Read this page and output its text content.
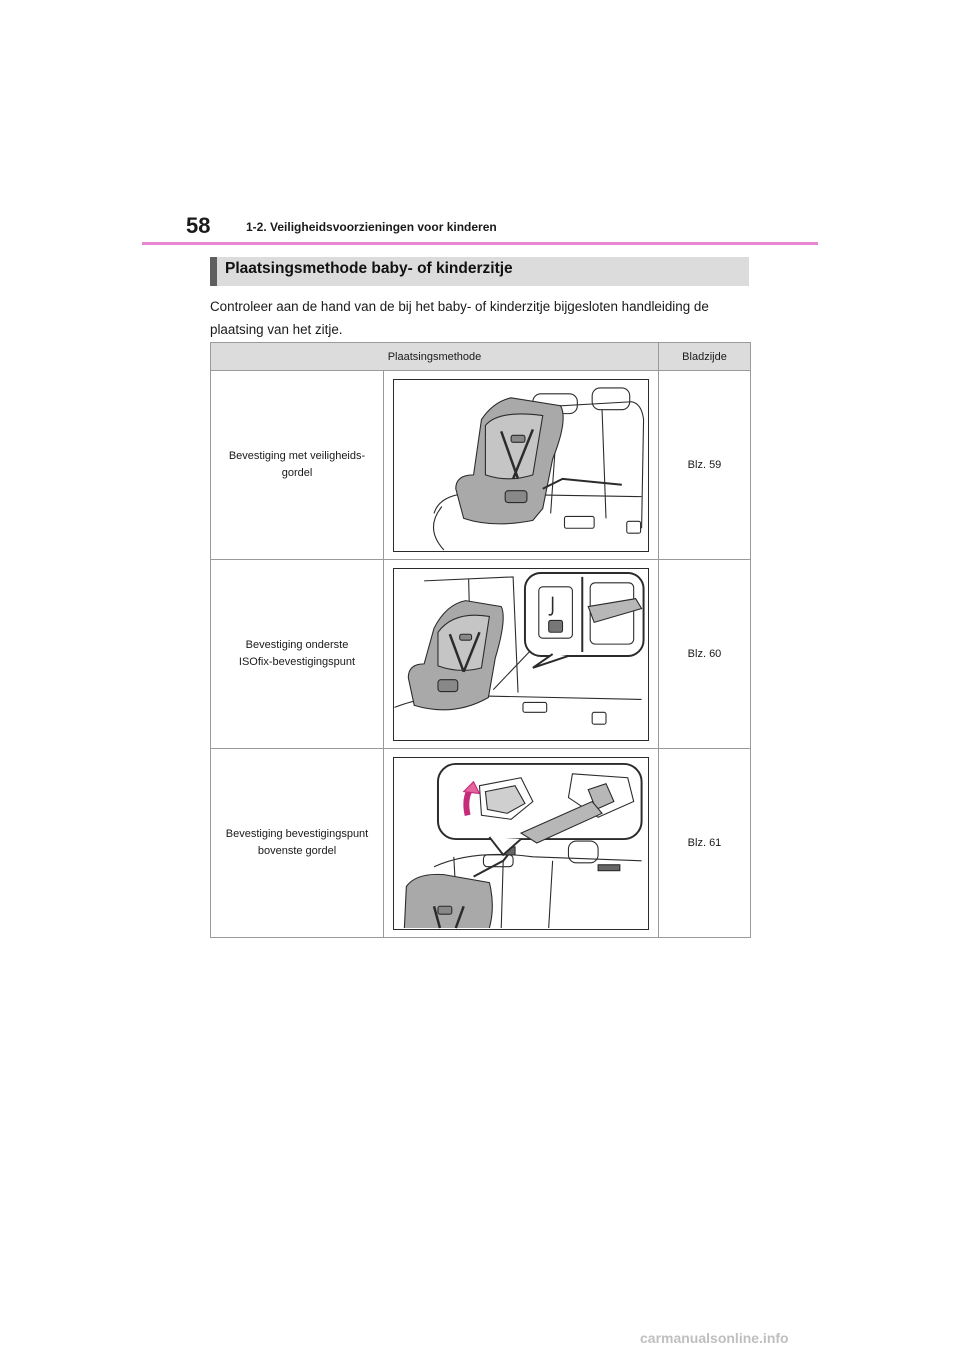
58	1-2. Veiligheidsvoorzieningen voor kinderen
Plaatsingsmethode baby- of kinderzitje
Controleer aan de hand van de bij het baby- of kinderzitje bijgesloten handleiding de plaatsing van het zitje.
Plaatsingsmethode		Bladzijde
Bevestiging met veiligheids-
gordel		Blz. 59
Bevestiging onderste
ISOfix-bevestigingspunt		Blz. 60
Bevestiging bevestigingspunt
bovenste gordel		Blz. 61
carmanualsonline.info
